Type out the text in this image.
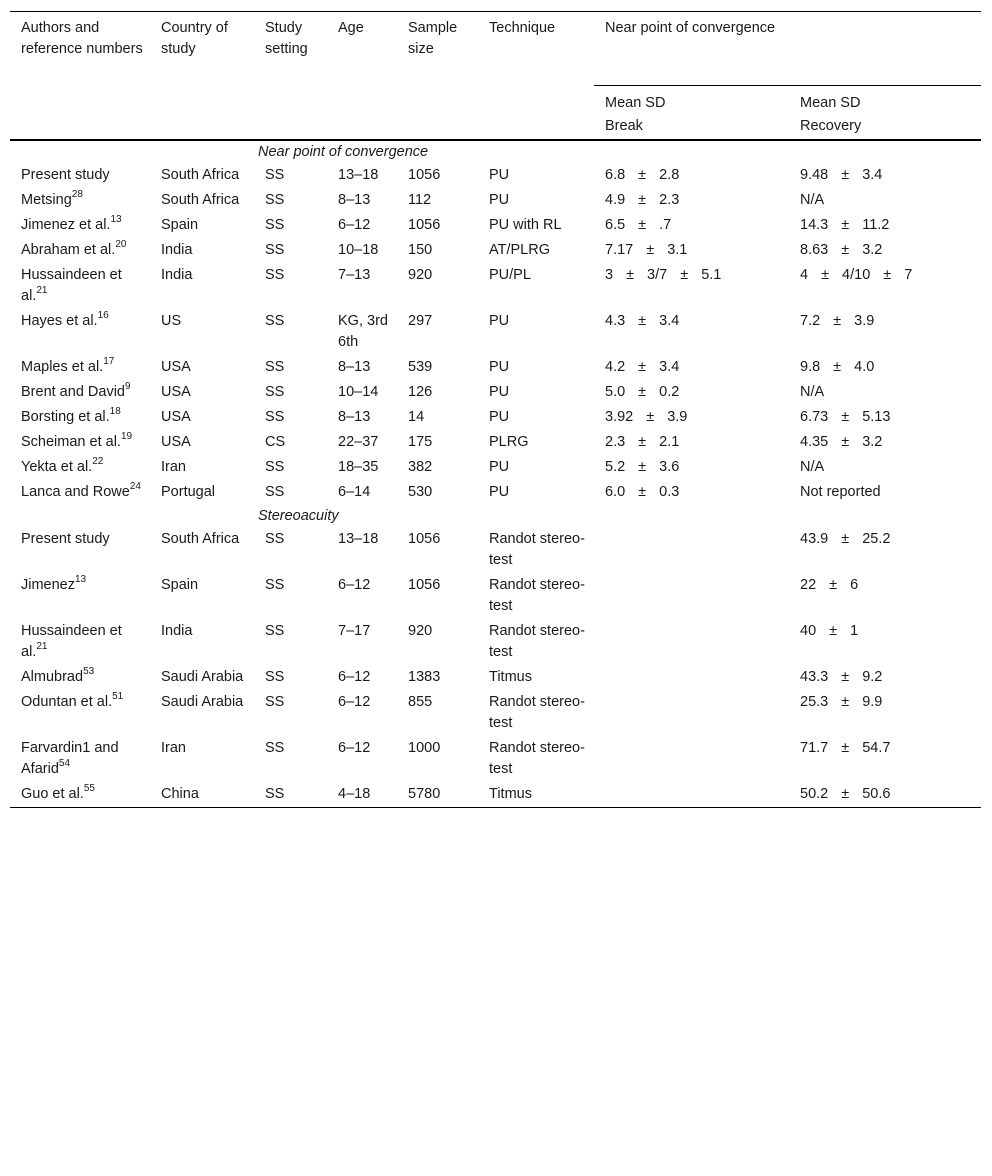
Authors and reference numbers	Country of study	Study setting	Age	Sample size	Technique	Near point of convergence	
						Mean SD	Mean SD
						Break	Recovery
		Near point of convergence					
Present study	South Africa	SS	13–18	1056	PU	6.8 ± 2.8	9.48 ± 3.4
Metsing$^{28}$	South Africa	SS	8–13	112	PU	4.9 ± 2.3	N/A
Jimenez et al.$^{13}$	Spain	SS	6–12	1056	PU with RL	6.5 ± .7	14.3 ± 11.2
Abraham et al.$^{20}$	India	SS	10–18	150	AT/PLRG	7.17 ± 3.1	8.63 ± 3.2
Hussaindeen et al.$^{21}$	India	SS	7–13	920	PU/PL	3 ± 3/7 ± 5.1	4 ± 4/10 ± 7
Hayes et al.$^{16}$	US	SS	KG, 3rd 6th	297	PU	4.3 ± 3.4	7.2 ± 3.9
Maples et al.$^{17}$	USA	SS	8–13	539	PU	4.2 ± 3.4	9.8 ± 4.0
Brent and David$^9$	USA	SS	10–14	126	PU	5.0 ± 0.2	N/A
Borsting et al.$^{18}$	USA	SS	8–13	14	PU	3.92 ± 3.9	6.73 ± 5.13
Scheiman et al.$^{19}$	USA	CS	22–37	175	PLRG	2.3 ± 2.1	4.35 ± 3.2
Yekta et al.$^{22}$	Iran	SS	18–35	382	PU	5.2 ± 3.6	N/A
Lanca and Rowe$^{24}$	Portugal	SS	6–14	530	PU	6.0 ± 0.3	Not reported
		Stereoacuity					
Present study	South Africa	SS	13–18	1056	Randot stereo-test		43.9 ± 25.2
Jimenez$^{13}$	Spain	SS	6–12	1056	Randot stereo-test		22 ± 6
Hussaindeen et al.$^{21}$	India	SS	7–17	920	Randot stereo-test		40 ± 1
Almubrad$^{53}$	Saudi Arabia	SS	6–12	1383	Titmus		43.3 ± 9.2
Oduntan et al.$^{51}$	Saudi Arabia	SS	6–12	855	Randot stereo-test		25.3 ± 9.9
Farvardin1 and Afarid$^{54}$	Iran	SS	6–12	1000	Randot stereo-test		71.7 ± 54.7
Guo et al.$^{55}$	China	SS	4–18	5780	Titmus		50.2 ± 50.6
